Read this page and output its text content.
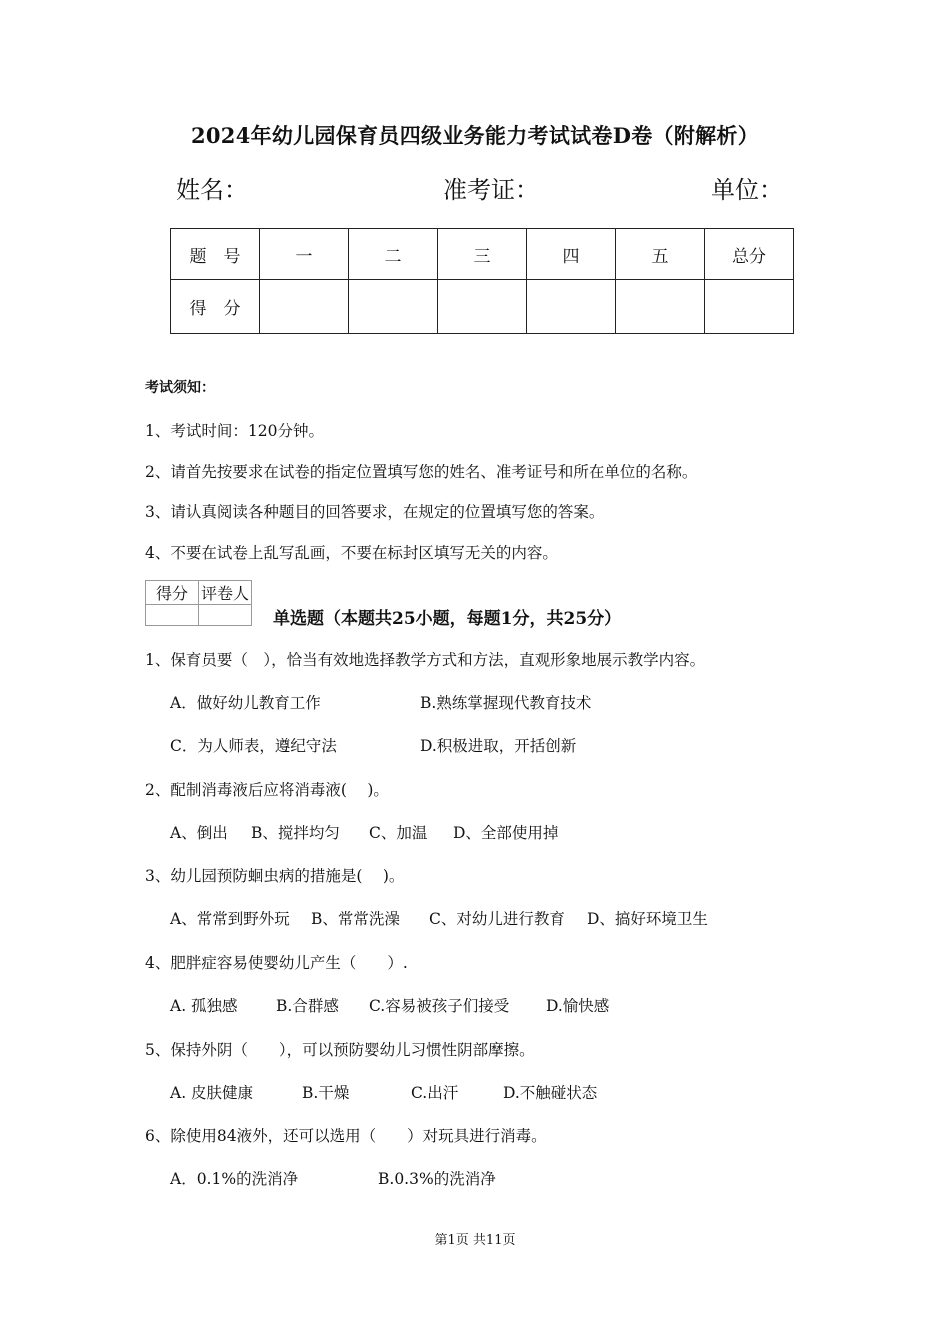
2024年幼儿园保育员四级业务能力考试试卷D卷（附解析）
姓名：	准考证：	单位：
题　号	一	二	三	四	五	总分
得　分						
考试须知：
1、考试时间：120分钟。
2、请首先按要求在试卷的指定位置填写您的姓名、准考证号和所在单位的名称。
3、请认真阅读各种题目的回答要求，在规定的位置填写您的答案。
4、不要在试卷上乱写乱画，不要在标封区填写无关的内容。
得分	评卷人

单选题（本题共25小题，每题1分，共25分）
1、保育员要（　），恰当有效地选择教学方式和方法，直观形象地展示教学内容。
A．做好幼儿教育工作	B.熟练掌握现代教育技术
C．为人师表，遵纪守法	D.积极进取，开括创新
2、配制消毒液后应将消毒液(　 )。
A、倒出 B、搅拌均匀 C、加温 D、全部使用掉
3、幼儿园预防蛔虫病的措施是(　 )。
A、常常到野外玩 B、常常洗澡 C、对幼儿进行教育 D、搞好环境卫生
4、肥胖症容易使婴幼儿产生（　　）.
A. 孤独感 B.合群感 C.容易被孩子们接受 D.愉快感
5、保持外阴（　　），可以预防婴幼儿习惯性阴部摩擦。
A. 皮肤健康	B.干燥	C.出汗	D.不触碰状态
6、除使用84液外，还可以选用（　　）对玩具进行消毒。
A．0.1%的洗消净	B.0.3%的洗消净
第1页 共11页
